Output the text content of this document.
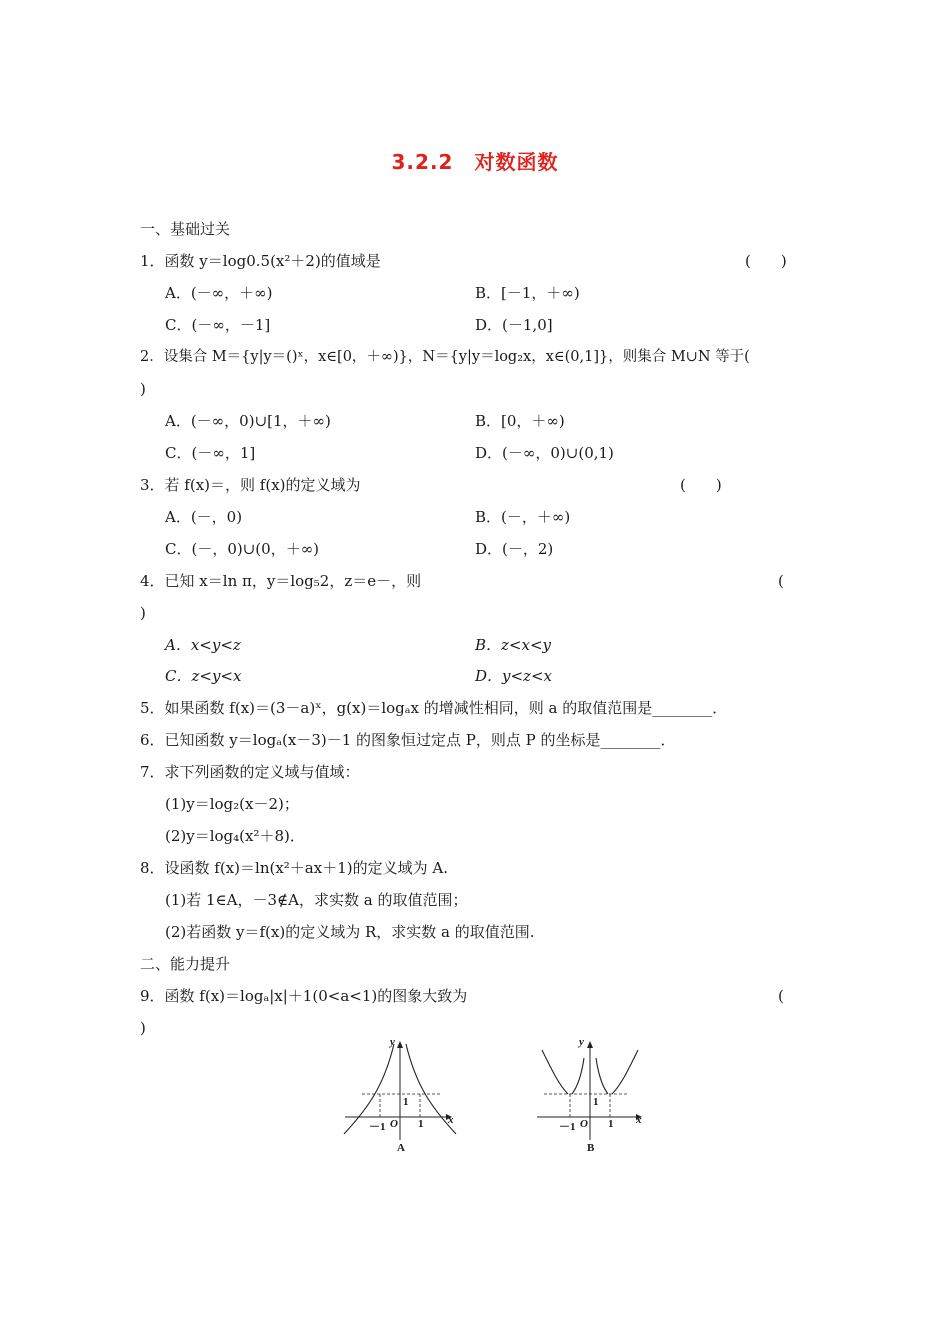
3.2.2　对数函数
一、基础过关
1．函数 y＝log0.5(x²＋2)的值域是	(　　)
A．(－∞，＋∞)	B．[－1，＋∞)
C．(－∞，－1]	D．(－1,0]
2．设集合 M＝{y|y＝()ˣ，x∈[0，＋∞)}，N＝{y|y＝log₂x，x∈(0,1]}，则集合 M∪N 等于(
)
A．(－∞，0)∪[1，＋∞)	B．[0，＋∞)
C．(－∞，1]	D．(－∞，0)∪(0,1)
3．若 f(x)＝，则 f(x)的定义域为	(　　)
A．(－，0)	B．(－，＋∞)
C．(－，0)∪(0，＋∞)	D．(－，2)
4．已知 x＝ln π，y＝log₅2，z＝e－，则	(
)
A．x<y<z	B．z<x<y
C．z<y<x	D．y<z<x
5．如果函数 f(x)＝(3－a)ˣ，g(x)＝logₐx 的增减性相同，则 a 的取值范围是________．
6．已知函数 y＝logₐ(x－3)－1 的图象恒过定点 P，则点 P 的坐标是________．
7．求下列函数的定义域与值域：
(1)y＝log₂(x－2)；
(2)y＝log₄(x²＋8)．
8．设函数 f(x)＝ln(x²＋ax＋1)的定义域为 A.
(1)若 1∈A，－3∉A，求实数 a 的取值范围；
(2)若函数 y＝f(x)的定义域为 R，求实数 a 的取值范围.
二、能力提升
9．函数 f(x)＝logₐ|x|＋1(0<a<1)的图象大致为	(
)
y
x
O
－1	1
1
A
y
x
O
－1	1
1
B
